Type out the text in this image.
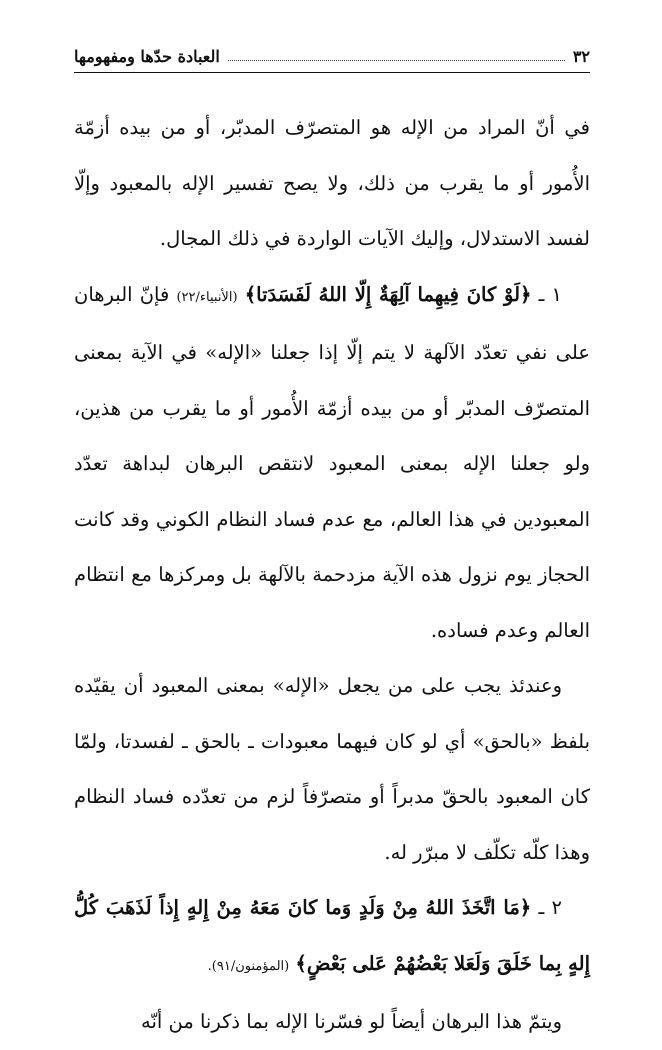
٣٢
العبادة حدّها ومفهومها

في أنّ المراد من الإله هو المتصرّف المدبّر، أو من بيده أزمّة الأُمور أو ما يقرب من ذلك، ولا يصح تفسير الإله بالمعبود وإلّا لفسد الاستدلال، وإليك الآيات الواردة في ذلك المجال.

١ ـ ﴿لَوْ كانَ فِيهِما آلِهَةٌ إِلّا اللهُ لَفَسَدَتا﴾ (الأنبياء/٢٢) فإنّ البرهان على نفي تعدّد الآلهة لا يتم إلّا إذا جعلنا «الإله» في الآية بمعنى المتصرّف المدبّر أو من بيده أزمّة الأُمور أو ما يقرب من هذين، ولو جعلنا الإله بمعنى المعبود لانتقص البرهان لبداهة تعدّد المعبودين في هذا العالم، مع عدم فساد النظام الكوني وقد كانت الحجاز يوم نزول هذه الآية مزدحمة بالآلهة بل ومركزها مع انتظام العالم وعدم فساده.

وعندئذ يجب على من يجعل «الإله» بمعنى المعبود أن يقيّده بلفظ «بالحق» أي لو كان فيهما معبودات ـ بالحق ـ لفسدتا، ولمّا كان المعبود بالحقّ مدبراً أو متصرّفاً لزم من تعدّده فساد النظام وهذا كلّه تكلّف لا مبرّر له.

٢ ـ ﴿مَا اتَّخَذَ اللهُ مِنْ وَلَدٍ وَما كانَ مَعَهُ مِنْ إِلهٍ إِذاً لَذَهَبَ كُلُّ إِلهٍ بِما خَلَقَ وَلَعَلا بَعْضُهُمْ عَلى بَعْضٍ﴾ (المؤمنون/٩١).

ويتمّ هذا البرهان أيضاً لو فسّرنا الإله بما ذكرنا من أنّه
